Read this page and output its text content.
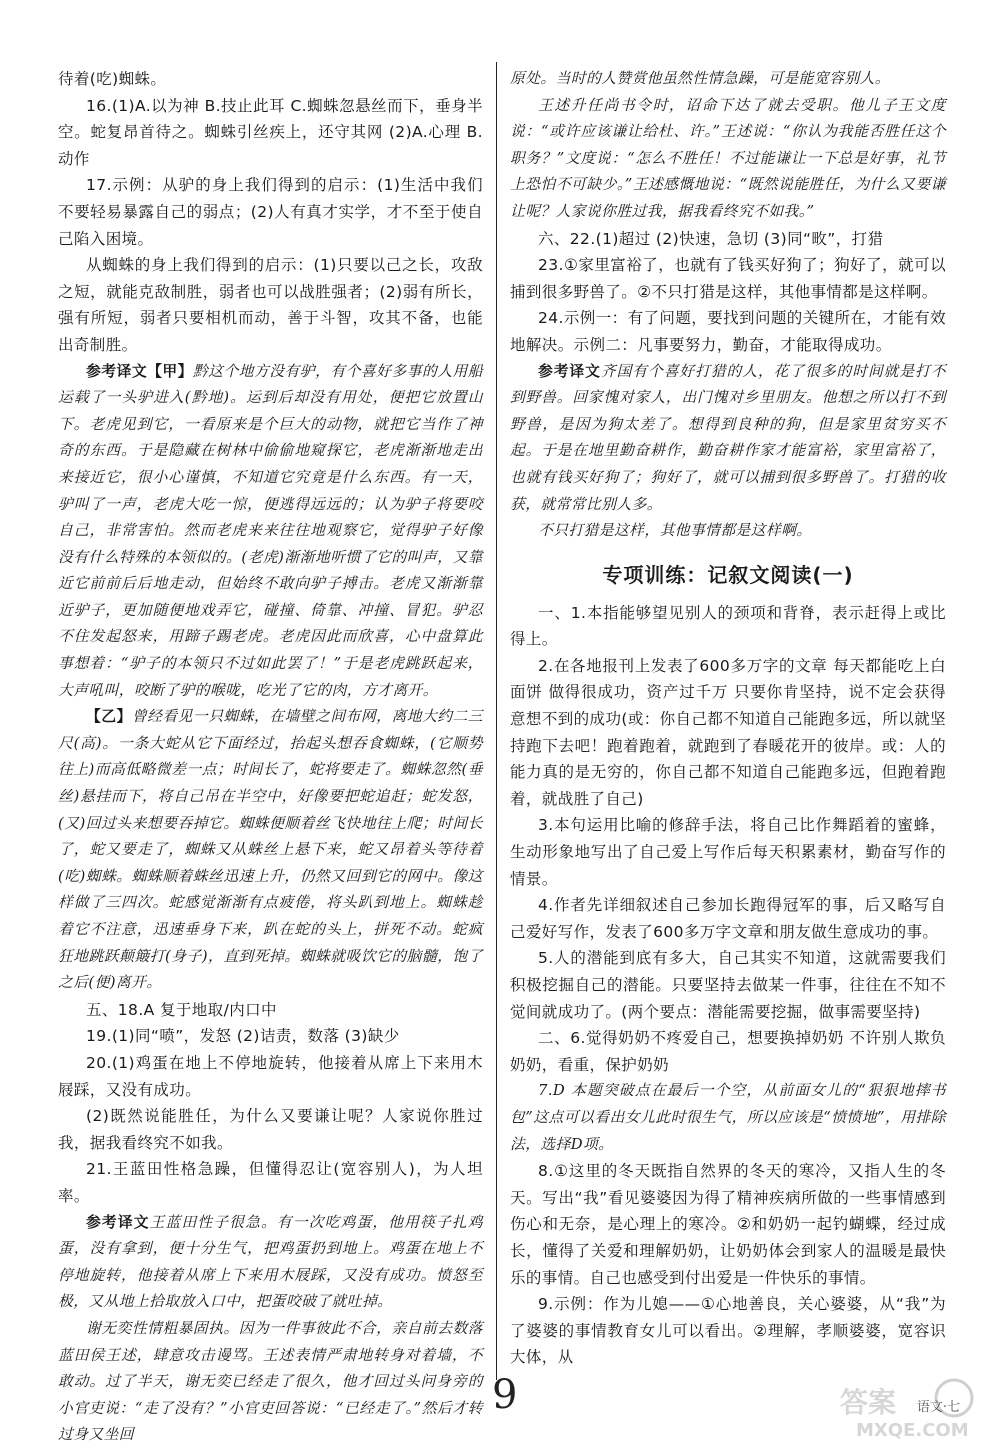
待着(吃)蜘蛛。

16.(1)A.以为神 B.技止此耳 C.蜘蛛忽悬丝而下，垂身半空。蛇复昂首待之。蜘蛛引丝疾上，还守其网 (2)A.心理 B.动作

17.示例：从驴的身上我们得到的启示：(1)生活中我们不要轻易暴露自己的弱点；(2)人有真才实学，才不至于使自己陷入困境。

从蜘蛛的身上我们得到的启示：(1)只要以己之长，攻敌之短，就能克敌制胜，弱者也可以战胜强者；(2)弱有所长，强有所短，弱者只要相机而动，善于斗智，攻其不备，也能出奇制胜。

参考译文【甲】黔这个地方没有驴，有个喜好多事的人用船运载了一头驴进入(黔地)。运到后却没有用处，便把它放置山下。老虎见到它，一看原来是个巨大的动物，就把它当作了神奇的东西。于是隐藏在树林中偷偷地窥探它，老虎渐渐地走出来接近它，很小心谨慎，不知道它究竟是什么东西。有一天，驴叫了一声，老虎大吃一惊，便逃得远远的；认为驴子将要咬自己，非常害怕。然而老虎来来往往地观察它，觉得驴子好像没有什么特殊的本领似的。(老虎)渐渐地听惯了它的叫声，又靠近它前前后后地走动，但始终不敢向驴子搏击。老虎又渐渐靠近驴子，更加随便地戏弄它，碰撞、倚靠、冲撞、冒犯。驴忍不住发起怒来，用蹄子踢老虎。老虎因此而欣喜，心中盘算此事想着：“驴子的本领只不过如此罢了！”于是老虎跳跃起来，大声吼叫，咬断了驴的喉咙，吃光了它的肉，方才离开。

【乙】曾经看见一只蜘蛛，在墙壁之间布网，离地大约二三尺(高)。一条大蛇从它下面经过，抬起头想吞食蜘蛛，(它顺势往上)而高低略微差一点；时间长了，蛇将要走了。蜘蛛忽然(垂丝)悬挂而下，将自己吊在半空中，好像要把蛇追赶；蛇发怒，(又)回过头来想要吞掉它。蜘蛛便顺着丝飞快地往上爬；时间长了，蛇又要走了，蜘蛛又从蛛丝上悬下来，蛇又昂着头等待着(吃)蜘蛛。蜘蛛顺着蛛丝迅速上升，仍然又回到它的网中。像这样做了三四次。蛇感觉渐渐有点疲倦，将头趴到地上。蜘蛛趁着它不注意，迅速垂身下来，趴在蛇的头上，拼死不动。蛇疯狂地跳跃颠簸打(身子)，直到死掉。蜘蛛就吸饮它的脑髓，饱了之后(便)离开。

五、18.A 复于地取/内口中

19.(1)同“喷”，发怒 (2)诘责，数落 (3)缺少

20.(1)鸡蛋在地上不停地旋转，他接着从席上下来用木屐踩，又没有成功。

(2)既然说能胜任，为什么又要谦让呢？人家说你胜过我，据我看终究不如我。

21.王蓝田性格急躁，但懂得忍让(宽容别人)，为人坦率。

参考译文王蓝田性子很急。有一次吃鸡蛋，他用筷子扎鸡蛋，没有拿到，便十分生气，把鸡蛋扔到地上。鸡蛋在地上不停地旋转，他接着从席上下来用木屐踩，又没有成功。愤怒至极，又从地上拾取放入口中，把蛋咬破了就吐掉。

谢无奕性情粗暴固执。因为一件事彼此不合，亲自前去数落蓝田侯王述，肆意攻击谩骂。王述表情严肃地转身对着墙，不敢动。过了半天，谢无奕已经走了很久，他才回过头问身旁的小官吏说：“走了没有？”小官吏回答说：“已经走了。”然后才转过身又坐回

原处。当时的人赞赏他虽然性情急躁，可是能宽容别人。

王述升任尚书令时，诏命下达了就去受职。他儿子王文度说：“或许应该谦让给杜、许。”王述说：“你认为我能否胜任这个职务？”文度说：“怎么不胜任！不过能谦让一下总是好事，礼节上恐怕不可缺少。”王述感慨地说：“既然说能胜任，为什么又要谦让呢？人家说你胜过我，据我看终究不如我。”

六、22.(1)超过 (2)快速，急切 (3)同“畋”，打猎

23.①家里富裕了，也就有了钱买好狗了；狗好了，就可以捕到很多野兽了。②不只打猎是这样，其他事情都是这样啊。

24.示例一：有了问题，要找到问题的关键所在，才能有效地解决。示例二：凡事要努力，勤奋，才能取得成功。

参考译文齐国有个喜好打猎的人，花了很多的时间就是打不到野兽。回家愧对家人，出门愧对乡里朋友。他想之所以打不到野兽，是因为狗太差了。想得到良种的狗，但是家里贫穷买不起。于是在地里勤奋耕作，勤奋耕作家才能富裕，家里富裕了，也就有钱买好狗了；狗好了，就可以捕到很多野兽了。打猎的收获，就常常比别人多。

不只打猎是这样，其他事情都是这样啊。

专项训练：记叙文阅读(一)

一、1.本指能够望见别人的颈项和背脊，表示赶得上或比得上。

2.在各地报刊上发表了600多万字的文章 每天都能吃上白面饼 做得很成功，资产过千万 只要你肯坚持，说不定会获得意想不到的成功(或：你自己都不知道自己能跑多远，所以就坚持跑下去吧！跑着跑着，就跑到了春暖花开的彼岸。或：人的能力真的是无穷的，你自己都不知道自己能跑多远，但跑着跑着，就战胜了自己)

3.本句运用比喻的修辞手法，将自己比作舞蹈着的蜜蜂，生动形象地写出了自己爱上写作后每天积累素材，勤奋写作的情景。

4.作者先详细叙述自己参加长跑得冠军的事，后又略写自己爱好写作，发表了600多万字文章和朋友做生意成功的事。

5.人的潜能到底有多大，自己其实不知道，这就需要我们积极挖掘自己的潜能。只要坚持去做某一件事，往往在不知不觉间就成功了。(两个要点：潜能需要挖掘，做事需要坚持)

二、6.觉得奶奶不疼爱自己，想要换掉奶奶 不许别人欺负奶奶，看重，保护奶奶

7.D 本题突破点在最后一个空，从前面女儿的“狠狠地摔书包”这点可以看出女儿此时很生气，所以应该是“愤愤地”，用排除法，选择D项。

8.①这里的冬天既指自然界的冬天的寒冷，又指人生的冬天。写出“我”看见婆婆因为得了精神疾病所做的一些事情感到伤心和无奈，是心理上的寒冷。②和奶奶一起钓蝴蝶，经过成长，懂得了关爱和理解奶奶，让奶奶体会到家人的温暖是最快乐的事情。自己也感受到付出爱是一件快乐的事情。

9.示例：作为儿媳——①心地善良，关心婆婆，从“我”为了婆婆的事情教育女儿可以看出。②理解，孝顺婆婆，宽容识大体，从

9	答案
MXQE.COM
语文·七
